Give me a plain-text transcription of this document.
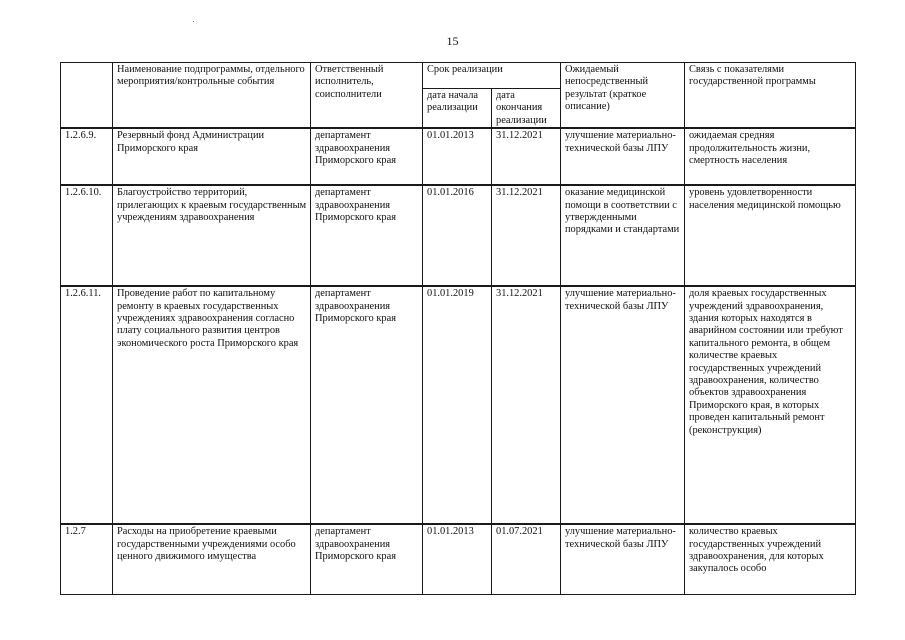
15
	Наименование подпрограммы, отдельного мероприятия/контрольные события	Ответственный исполнитель, соисполнители	Срок реализации		Ожидаемый непосредственный результат (краткое описание)	Связь с показателями государственной программы
			дата начала реализации	дата окончания реализации		
1.2.6.9.	Резервный фонд Администрации Приморского края	департамент здравоохранения Приморского края	01.01.2013	31.12.2021	улучшение материально-технической базы ЛПУ	ожидаемая средняя продолжительность жизни, смертность населения
1.2.6.10.	Благоустройство территорий, прилегающих к краевым государственным учреждениям здравоохранения	департамент здравоохранения Приморского края	01.01.2016	31.12.2021	оказание медицинской помощи в соответствии с утвержденными порядками и стандартами	уровень удовлетворенности населения медицинской помощью
1.2.6.11.	Проведение работ по капитальному ремонту в краевых государственных учреждениях здравоохранения согласно плату социального развития центров экономического роста Приморского края	департамент здравоохранения Приморского края	01.01.2019	31.12.2021	улучшение материально-технической базы ЛПУ	доля краевых государственных учреждений здравоохранения, здания которых находятся в аварийном состоянии или требуют капитального ремонта, в общем количестве краевых государственных учреждений здравоохранения, количество объектов здравоохранения Приморского края, в которых проведен капитальный ремонт (реконструкция)
1.2.7	Расходы на приобретение краевыми государственными учреждениями особо ценного движимого имущества	департамент здравоохранения Приморского края	01.01.2013	01.07.2021	улучшение материально-технической базы ЛПУ	количество краевых государственных учреждений здравоохранения, для которых закупалось особо
